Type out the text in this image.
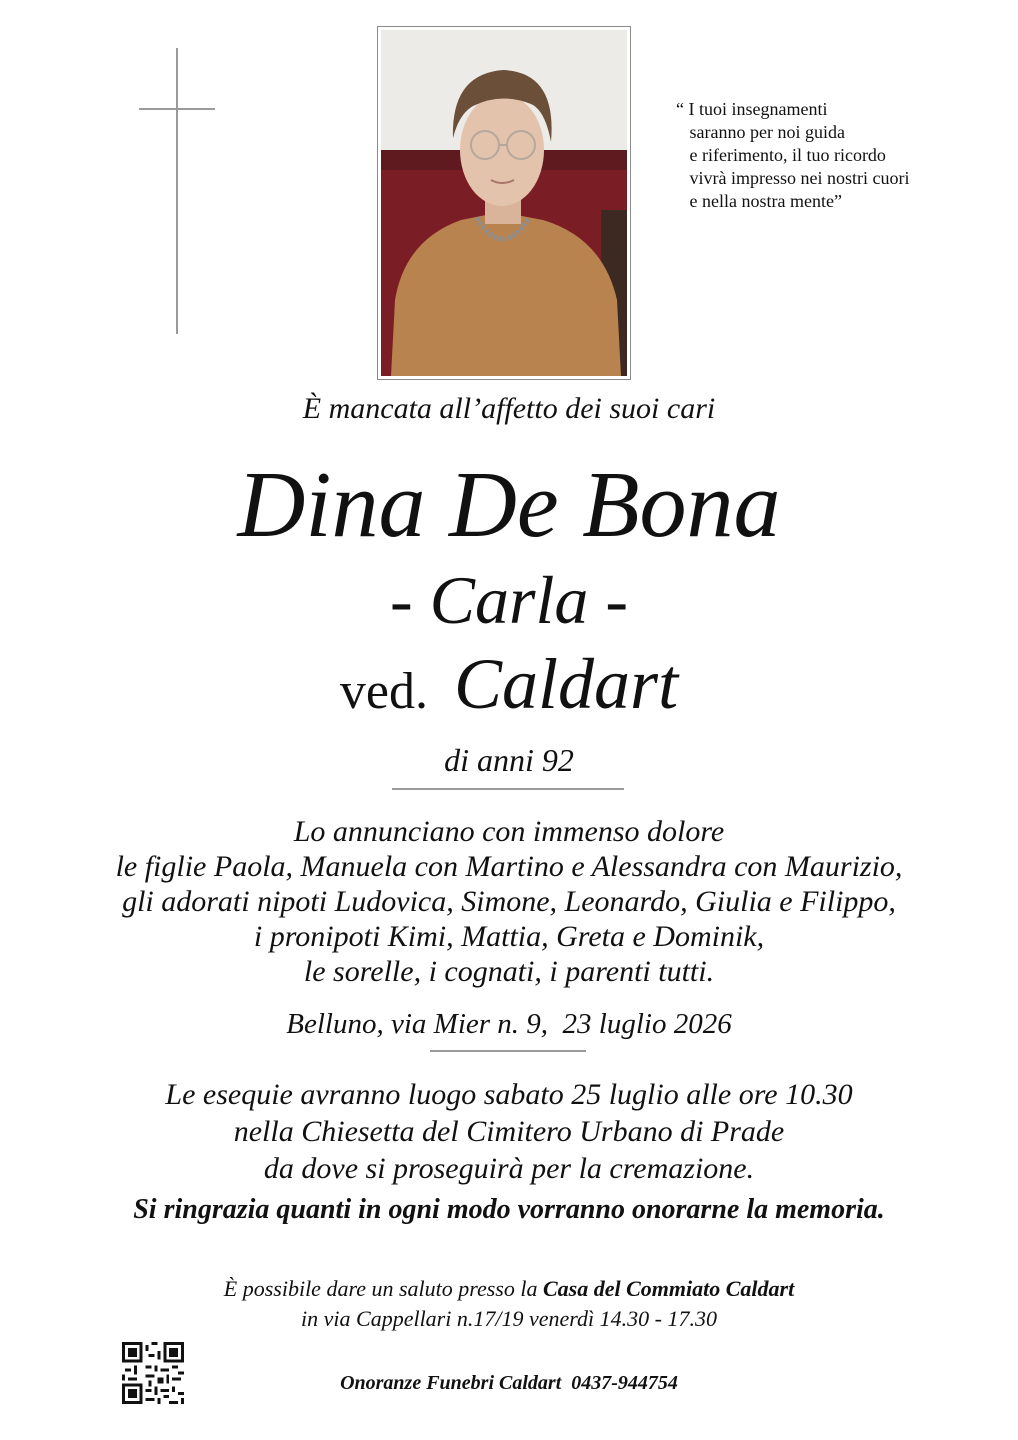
“ I tuoi insegnamenti
saranno per noi guida
e riferimento, il tuo ricordo
vivrà impresso nei nostri cuori
e nella nostra mente”
È mancata all’affetto dei suoi cari
Dina De Bona
- Carla -
ved. Caldart
di anni 92
Lo annunciano con immenso dolore
le figlie Paola, Manuela con Martino e Alessandra con Maurizio,
gli adorati nipoti Ludovica, Simone, Leonardo, Giulia e Filippo,
i pronipoti Kimi, Mattia, Greta e Dominik,
le sorelle, i cognati, i parenti tutti.
Belluno, via Mier n. 9,  23 luglio 2026
Le esequie avranno luogo sabato 25 luglio alle ore 10.30
nella Chiesetta del Cimitero Urbano di Prade
da dove si proseguirà per la cremazione.
Si ringrazia quanti in ogni modo vorranno onorarne la memoria.
È possibile dare un saluto presso la Casa del Commiato Caldart
in via Cappellari n.17/19 venerdì 14.30 - 17.30
Onoranze Funebri Caldart  0437-944754
